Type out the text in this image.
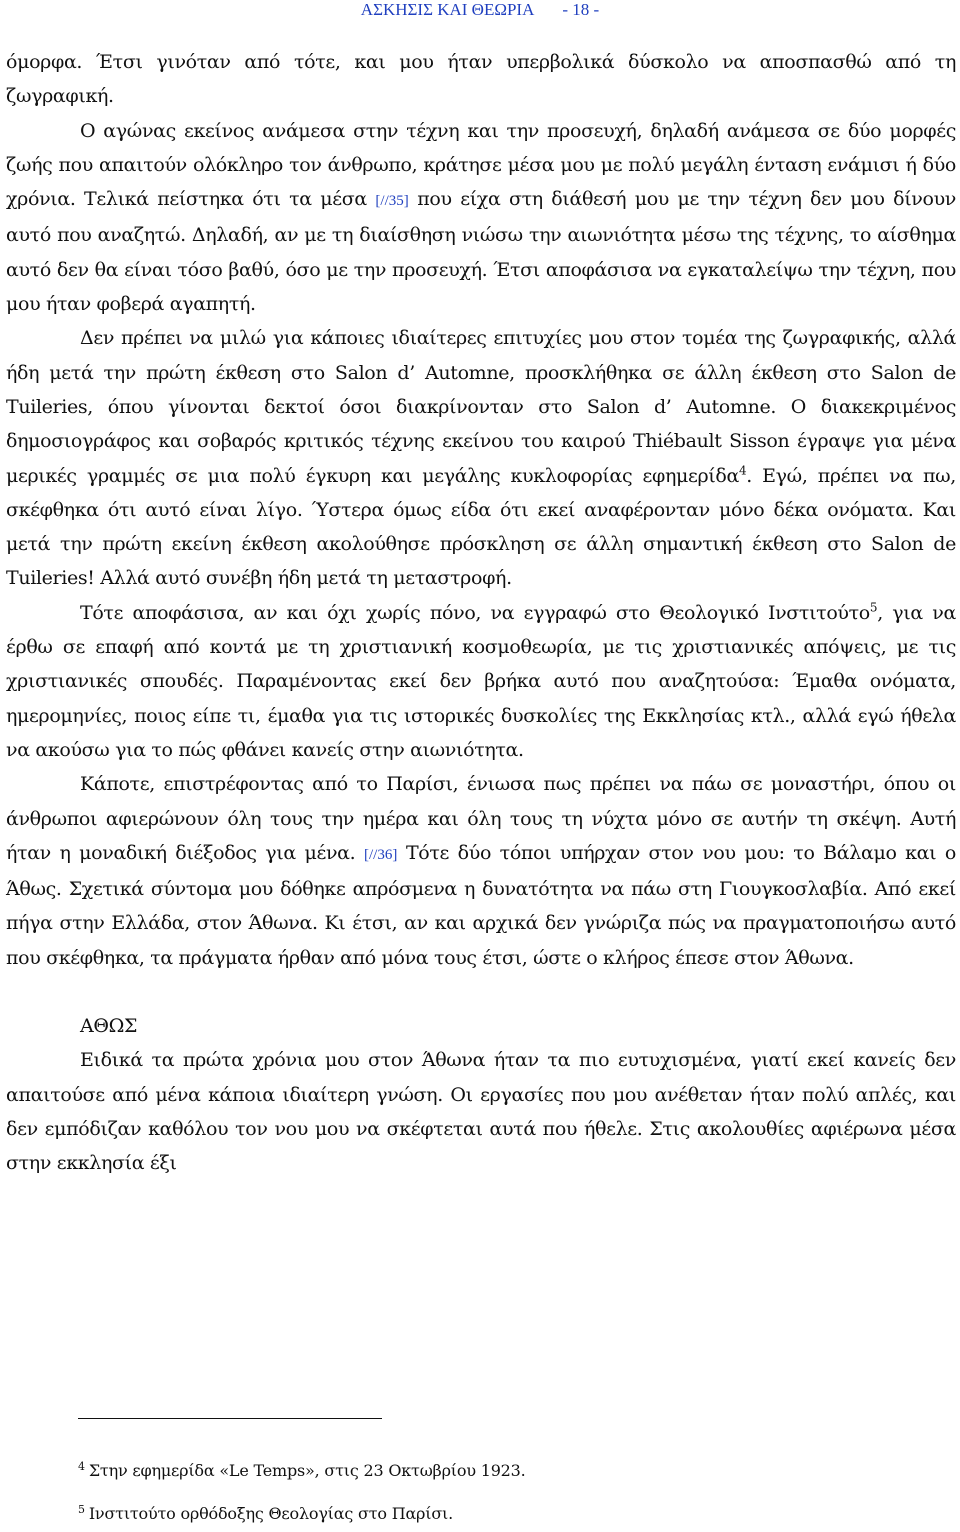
ΑΣΚΗΣΙΣ ΚΑΙ ΘΕΩΡΙΑ - 18 -

όμορφα. Έτσι γινόταν από τότε, και μου ήταν υπερβολικά δύσκολο να αποσπασθώ από τη ζωγραφική.

Ο αγώνας εκείνος ανάμεσα στην τέχνη και την προσευχή, δηλαδή ανάμεσα σε δύο μορφές ζωής που απαιτούν ολόκληρο τον άνθρωπο, κράτησε μέσα μου με πολύ μεγάλη ένταση ενάμισι ή δύο χρόνια. Τελικά πείστηκα ότι τα μέσα [//35] που είχα στη διάθεσή μου με την τέχνη δεν μου δίνουν αυτό που αναζητώ. Δηλαδή, αν με τη διαίσθηση νιώσω την αιωνιότητα μέσω της τέχνης, το αίσθημα αυτό δεν θα είναι τόσο βαθύ, όσο με την προσευχή. Έτσι αποφάσισα να εγκαταλείψω την τέχνη, που μου ήταν φοβερά αγαπητή.

Δεν πρέπει να μιλώ για κάποιες ιδιαίτερες επιτυχίες μου στον τομέα της ζωγραφικής, αλλά ήδη μετά την πρώτη έκθεση στο Salon d’ Automne, προσκλήθηκα σε άλλη έκθεση στο Salon de Tuileries, όπου γίνονται δεκτοί όσοι διακρίνονταν στο Salon d’ Automne. Ο διακεκριμένος δημοσιογράφος και σοβαρός κριτικός τέχνης εκείνου του καιρού Thiébault Sisson έγραψε για μένα μερικές γραμμές σε μια πολύ έγκυρη και μεγάλης κυκλοφορίας εφημερίδα$^4$. Εγώ, πρέπει να πω, σκέφθηκα ότι αυτό είναι λίγο. Ύστερα όμως είδα ότι εκεί αναφέρονταν μόνο δέκα ονόματα. Και μετά την πρώτη εκείνη έκθεση ακολούθησε πρόσκληση σε άλλη σημαντική έκθεση στο Salon de Tuileries! Αλλά αυτό συνέβη ήδη μετά τη μεταστροφή.

Τότε αποφάσισα, αν και όχι χωρίς πόνο, να εγγραφώ στο Θεολογικό Ινστιτούτο$^5$, για να έρθω σε επαφή από κοντά με τη χριστιανική κοσμοθεωρία, με τις χριστιανικές απόψεις, με τις χριστιανικές σπουδές. Παραμένοντας εκεί δεν βρήκα αυτό που αναζητούσα: Έμαθα ονόματα, ημερομηνίες, ποιος είπε τι, έμαθα για τις ιστορικές δυσκολίες της Εκκλησίας κτλ., αλλά εγώ ήθελα να ακούσω για το πώς φθάνει κανείς στην αιωνιότητα.

Κάποτε, επιστρέφοντας από το Παρίσι, ένιωσα πως πρέπει να πάω σε μοναστήρι, όπου οι άνθρωποι αφιερώνουν όλη τους την ημέρα και όλη τους τη νύχτα μόνο σε αυτήν τη σκέψη. Αυτή ήταν η μοναδική διέξοδος για μένα. [//36] Τότε δύο τόποι υπήρχαν στον νου μου: το Βάλαμο και ο Άθως. Σχετικά σύντομα μου δόθηκε απρόσμενα η δυνατότητα να πάω στη Γιουγκοσλαβία. Από εκεί πήγα στην Ελλάδα, στον Άθωνα. Κι έτσι, αν και αρχικά δεν γνώριζα πώς να πραγματοποιήσω αυτό που σκέφθηκα, τα πράγματα ήρθαν από μόνα τους έτσι, ώστε ο κλήρος έπεσε στον Άθωνα.

ΑΘΩΣ

Ειδικά τα πρώτα χρόνια μου στον Άθωνα ήταν τα πιο ευτυχισμένα, γιατί εκεί κανείς δεν απαιτούσε από μένα κάποια ιδιαίτερη γνώση. Οι εργασίες που μου ανέθεταν ήταν πολύ απλές, και δεν εμπόδιζαν καθόλου τον νου μου να σκέφτεται αυτά που ήθελε. Στις ακολουθίες αφιέρωνα μέσα στην εκκλησία έξι

$^4$ Στην εφημερίδα «Le Temps», στις 23 Οκτωβρίου 1923.
$^5$ Ινστιτούτο ορθόδοξης Θεολογίας στο Παρίσι.
